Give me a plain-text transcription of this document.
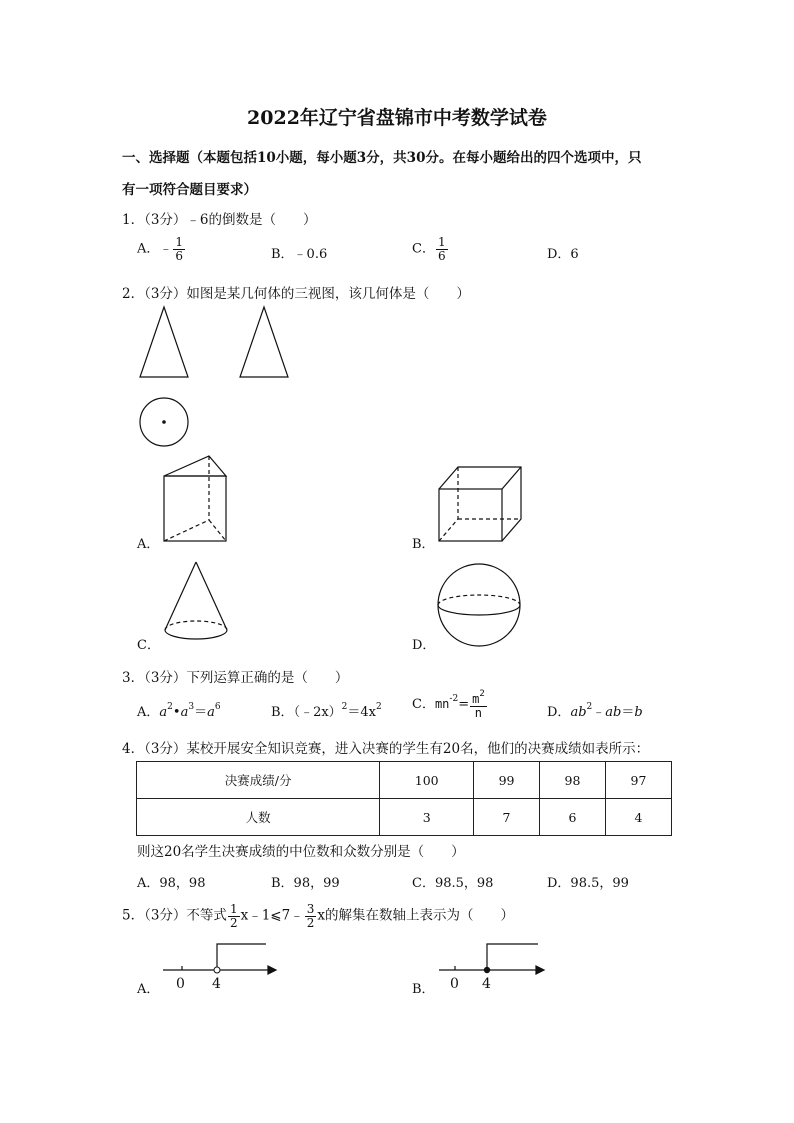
2022年辽宁省盘锦市中考数学试卷
一、选择题（本题包括10小题，每小题3分，共30分。在每小题给出的四个选项中，只
有一项符合题目要求）
1．（3分）﹣6的倒数是（　　）
A．﹣ $\frac{1}{6}$	B．﹣0.6	C． $\frac{1}{6}$	D．6
2．（3分）如图是某几何体的三视图，该几何体是（　　）
A．	B．
C．	D．
3．（3分）下列运算正确的是（　　）
A．$a^2•a^3=a^6$	B．$(﹣2x)^2=4x^2$ C．$mn^{-2}= \frac{m^2}{n}$	D．$ab^2﹣ab=b$
4．（3分）某校开展安全知识竞赛，进入决赛的学生有20名，他们的决赛成绩如表所示：
决赛成绩/分	100	99	98	97
人数	3	7	6	4
则这20名学生决赛成绩的中位数和众数分别是（　　）
A．98，98	B．98，99	C．98.5，98	D．98.5，99
5．（3分）不等式 $\frac{1}{2}$ x﹣1⩽7﹣ $\frac{3}{2}$ x的解集在数轴上表示为（　　）
A． 0 4	B． 0 4
